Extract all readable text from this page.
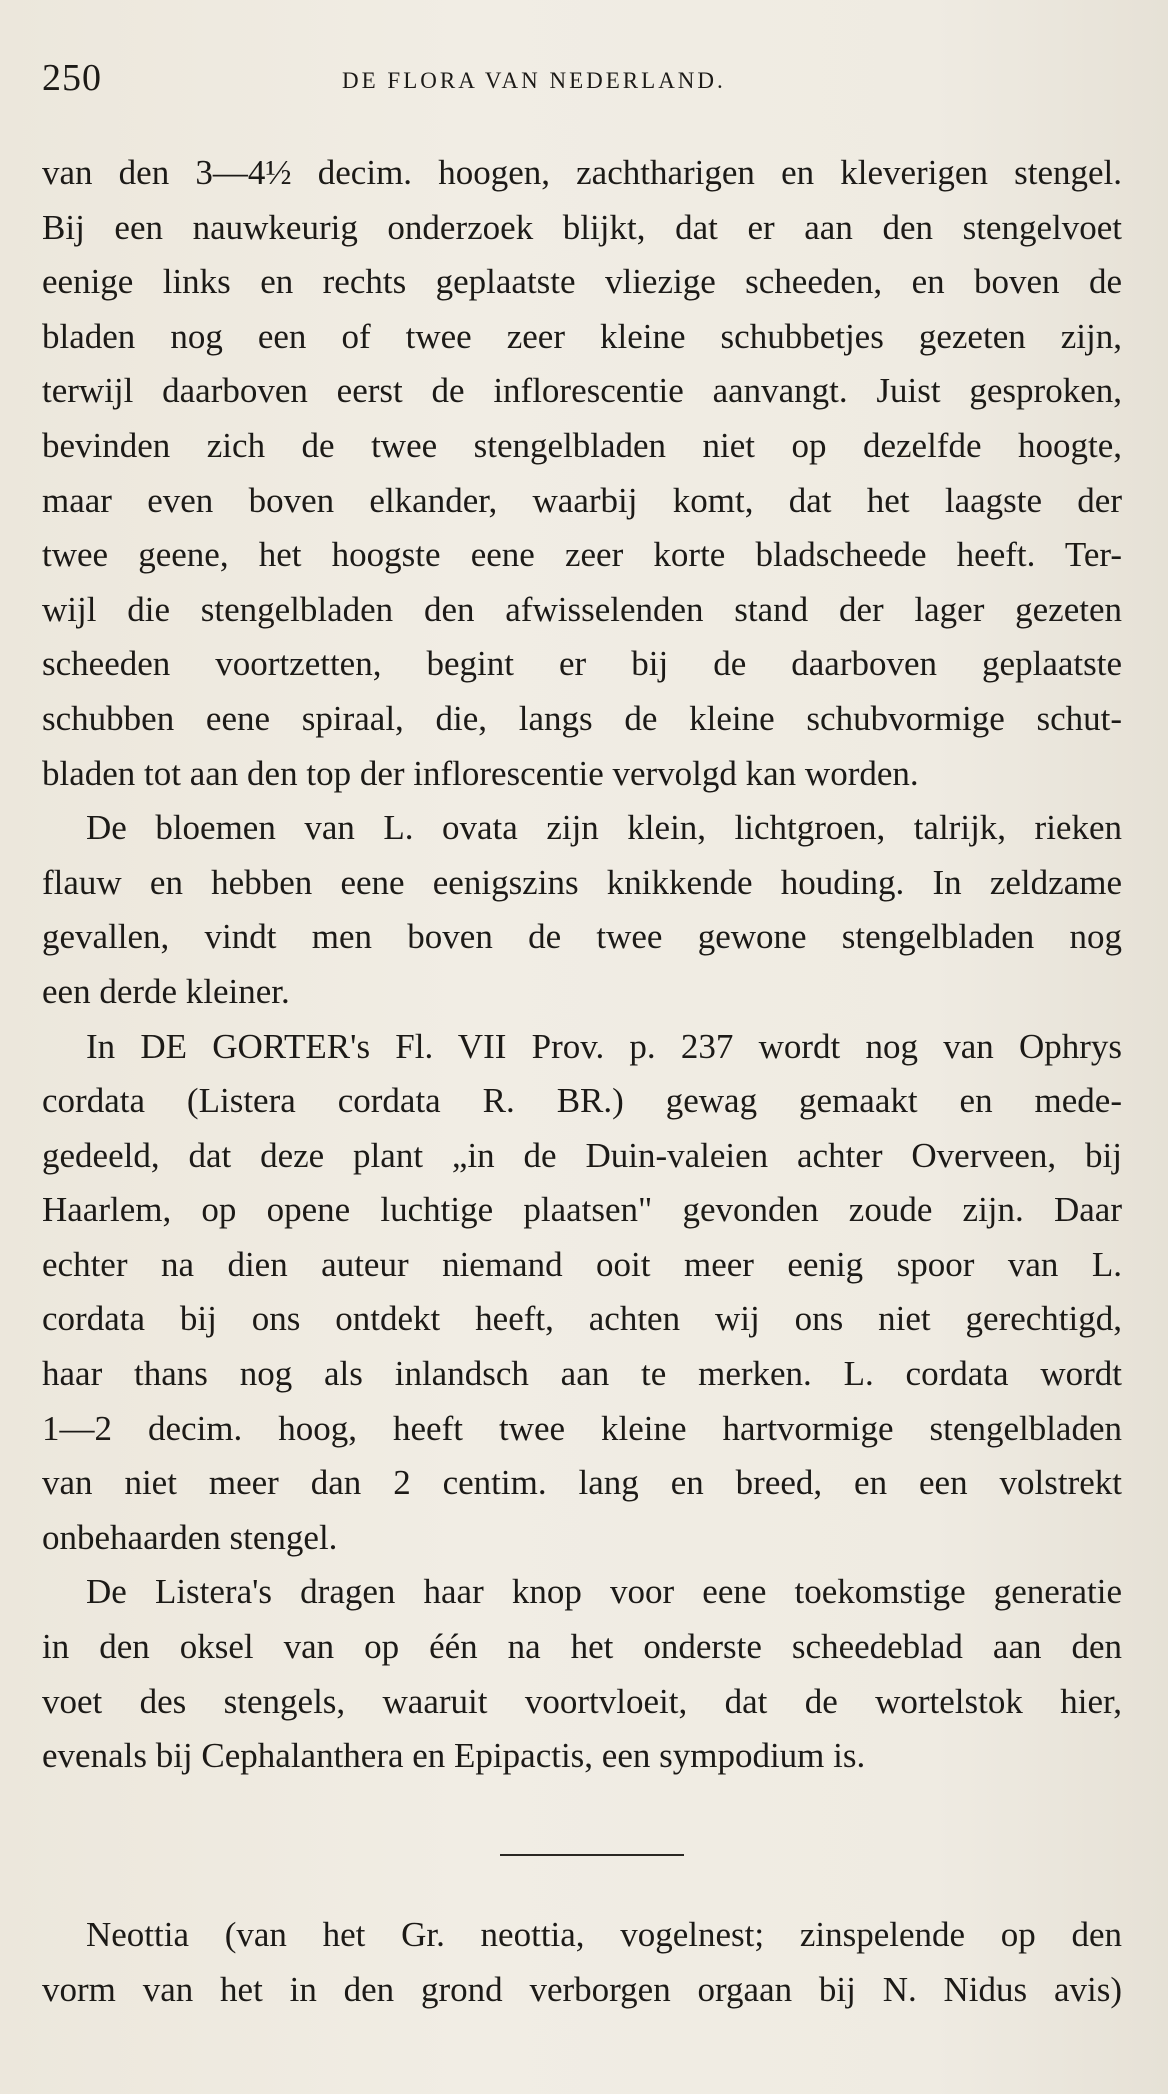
250	DE FLORA VAN NEDERLAND.
van den 3—4½ decim. hoogen, zachtharigen en kleverigen stengel.
Bij een nauwkeurig onderzoek blijkt, dat er aan den stengelvoet
eenige links en rechts geplaatste vliezige scheeden, en boven de
bladen nog een of twee zeer kleine schubbetjes gezeten zijn,
terwijl daarboven eerst de inflorescentie aanvangt. Juist gesproken,
bevinden zich de twee stengelbladen niet op dezelfde hoogte,
maar even boven elkander, waarbij komt, dat het laagste der
twee geene, het hoogste eene zeer korte bladscheede heeft. Ter-
wijl die stengelbladen den afwisselenden stand der lager gezeten
scheeden voortzetten, begint er bij de daarboven geplaatste
schubben eene spiraal, die, langs de kleine schubvormige schut-
bladen tot aan den top der inflorescentie vervolgd kan worden.
De bloemen van L. ovata zijn klein, lichtgroen, talrijk, rieken
flauw en hebben eene eenigszins knikkende houding. In zeldzame
gevallen, vindt men boven de twee gewone stengelbladen nog
een derde kleiner.
In DE GORTER's Fl. VII Prov. p. 237 wordt nog van Ophrys
cordata (Listera cordata R. BR.) gewag gemaakt en mede-
gedeeld, dat deze plant „in de Duin-valeien achter Overveen, bij
Haarlem, op opene luchtige plaatsen" gevonden zoude zijn. Daar
echter na dien auteur niemand ooit meer eenig spoor van L.
cordata bij ons ontdekt heeft, achten wij ons niet gerechtigd,
haar thans nog als inlandsch aan te merken. L. cordata wordt
1—2 decim. hoog, heeft twee kleine hartvormige stengelbladen
van niet meer dan 2 centim. lang en breed, en een volstrekt
onbehaarden stengel.
De Listera's dragen haar knop voor eene toekomstige generatie
in den oksel van op één na het onderste scheedeblad aan den
voet des stengels, waaruit voortvloeit, dat de wortelstok hier,
evenals bij Cephalanthera en Epipactis, een sympodium is.
Neottia (van het Gr. neottia, vogelnest; zinspelende op den
vorm van het in den grond verborgen orgaan bij N. Nidus avis)
